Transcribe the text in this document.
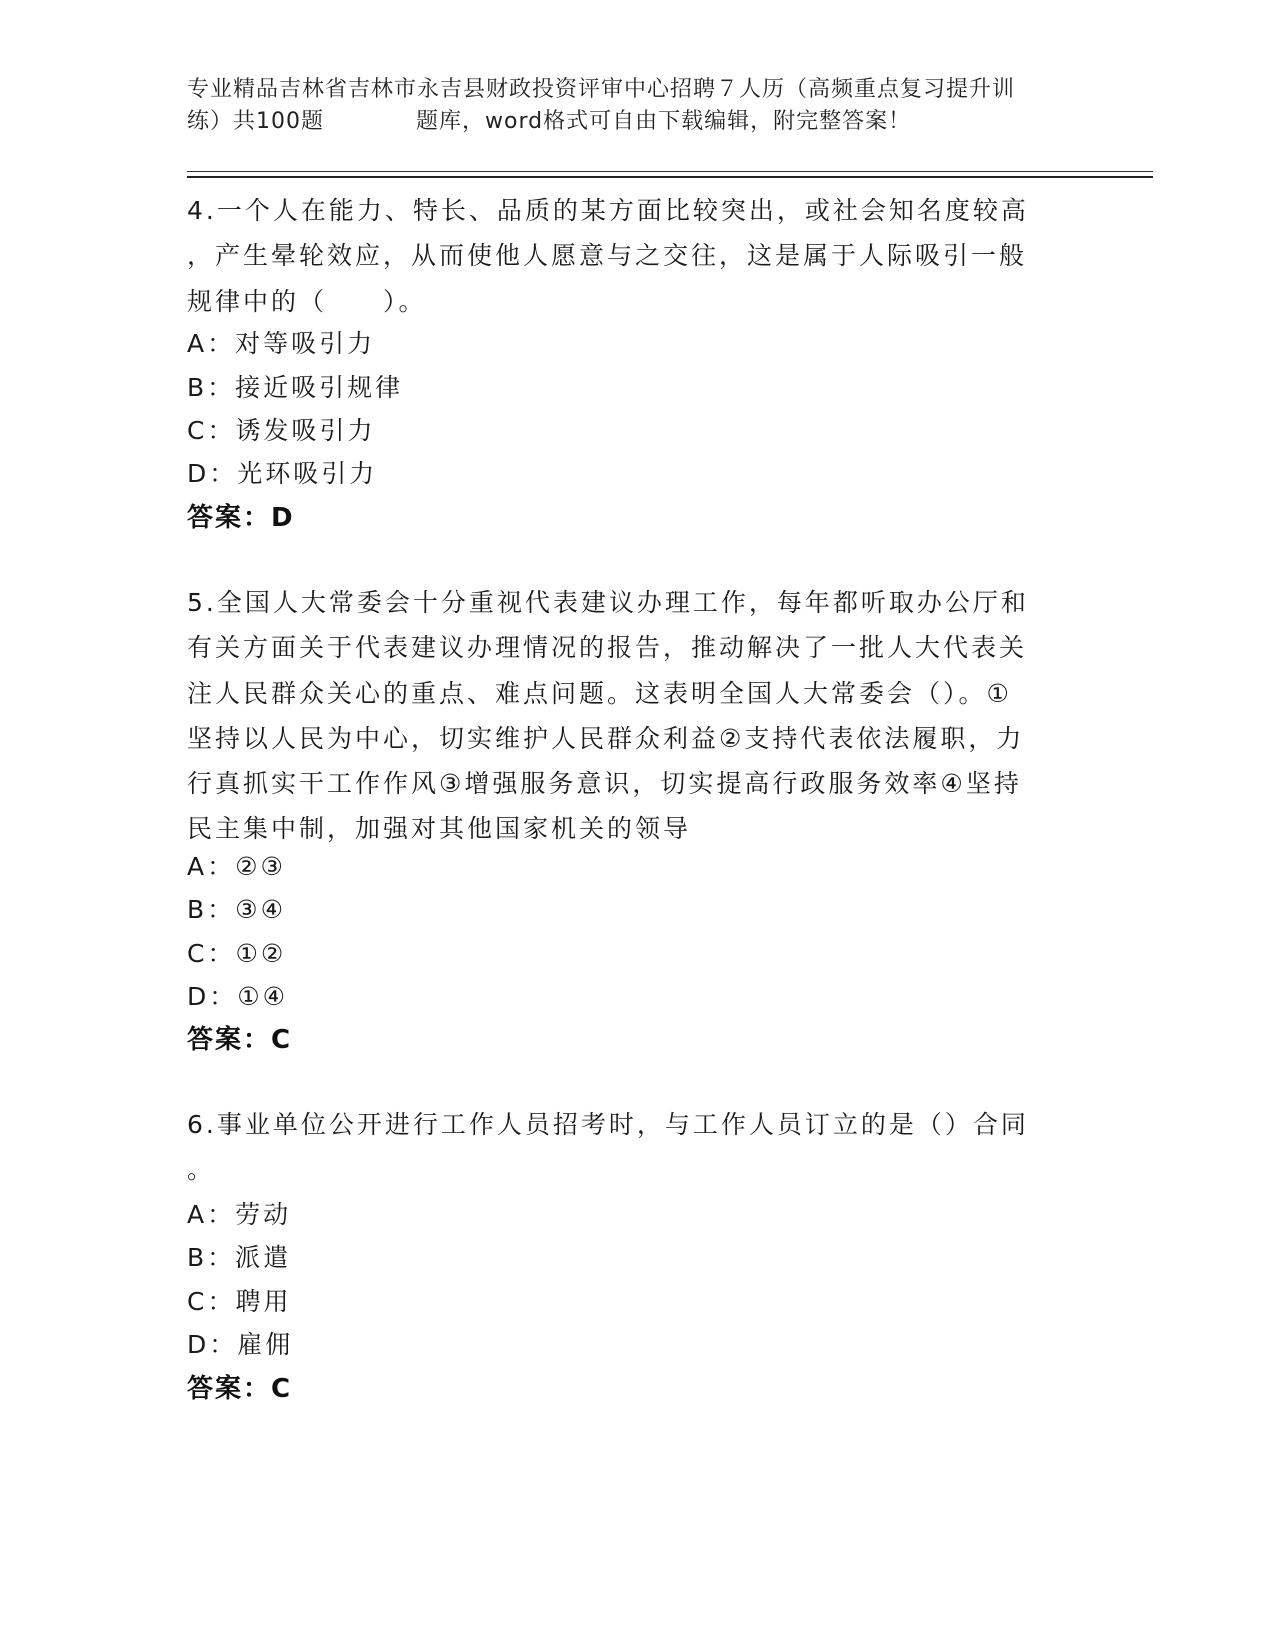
专业精品吉林省吉林市永吉县财政投资评审中心招聘７人历（高频重点复习提升训
练）共100题　　　　题库，word格式可自由下载编辑，附完整答案！
4.一个人在能力、特长、品质的某方面比较突出，或社会知名度较高
，产生晕轮效应，从而使他人愿意与之交往，这是属于人际吸引一般
规律中的（　　）。
A：对等吸引力
B：接近吸引规律
C：诱发吸引力
D：光环吸引力
答案：D
5.全国人大常委会十分重视代表建议办理工作，每年都听取办公厅和
有关方面关于代表建议办理情况的报告，推动解决了一批人大代表关
注人民群众关心的重点、难点问题。这表明全国人大常委会（）。①
坚持以人民为中心，切实维护人民群众利益②支持代表依法履职，力
行真抓实干工作作风③增强服务意识，切实提高行政服务效率④坚持
民主集中制，加强对其他国家机关的领导
A：②③
B：③④
C：①②
D：①④
答案：C
6.事业单位公开进行工作人员招考时，与工作人员订立的是（）合同
。
A：劳动
B：派遣
C：聘用
D：雇佣
答案：C
